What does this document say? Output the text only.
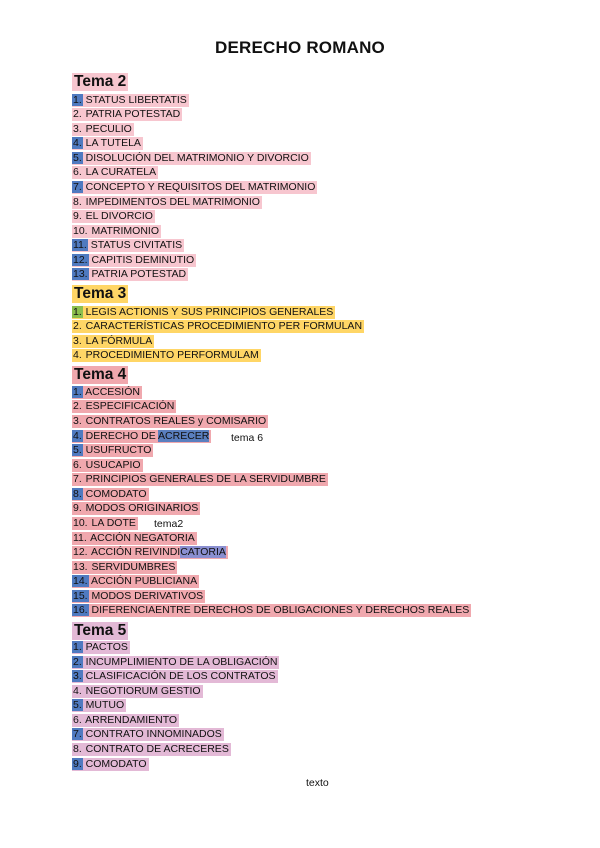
DERECHO ROMANO
Tema 2
1. STATUS LIBERTATIS
2. PATRIA POTESTAD
3. PECULIO
4. LA TUTELA
5. DISOLUCIÓN DEL MATRIMONIO Y DIVORCIO
6. LA CURATELA
7. CONCEPTO Y REQUISITOS DEL MATRIMONIO
8. IMPEDIMENTOS DEL MATRIMONIO
9. EL DIVORCIO
10. MATRIMONIO
11. STATUS CIVITATIS
12. CAPITIS DEMINUTIO
13. PATRIA POTESTAD
Tema 3
1. LEGIS ACTIONIS Y SUS PRINCIPIOS GENERALES
2. CARACTERÍSTICAS PROCEDIMIENTO PER FORMULAN
3. LA FÓRMULA
4. PROCEDIMIENTO PERFORMULAM
Tema 4
1. ACCESIÓN
2. ESPECIFICACIÓN
3. CONTRATOS REALES y COMISARIO
4. DERECHO DE ACRECER
5. USUFRUCTO
6. USUCAPIO
7. PRINCIPIOS GENERALES DE LA SERVIDUMBRE
8. COMODATO
9. MODOS ORIGINARIOS
10. LA DOTE
11. ACCIÓN NEGATORIA
12. ACCIÓN REIVINDICATORIA
13. SERVIDUMBRES
14. ACCIÓN PUBLICIANA
15. MODOS DERIVATIVOS
16. DIFERENCIAENTRE DERECHOS DE OBLIGACIONES Y DERECHOS REALES
Tema 5
1. PACTOS
2. INCUMPLIMIENTO DE LA OBLIGACIÓN
3. CLASIFICACIÓN DE LOS CONTRATOS
4. NEGOTIORUM GESTIO
5. MUTUO
6. ARRENDAMIENTO
7. CONTRATO INNOMINADOS
8. CONTRATO DE ACRECERES
9. COMODATO
tema 6
tema2
texto
